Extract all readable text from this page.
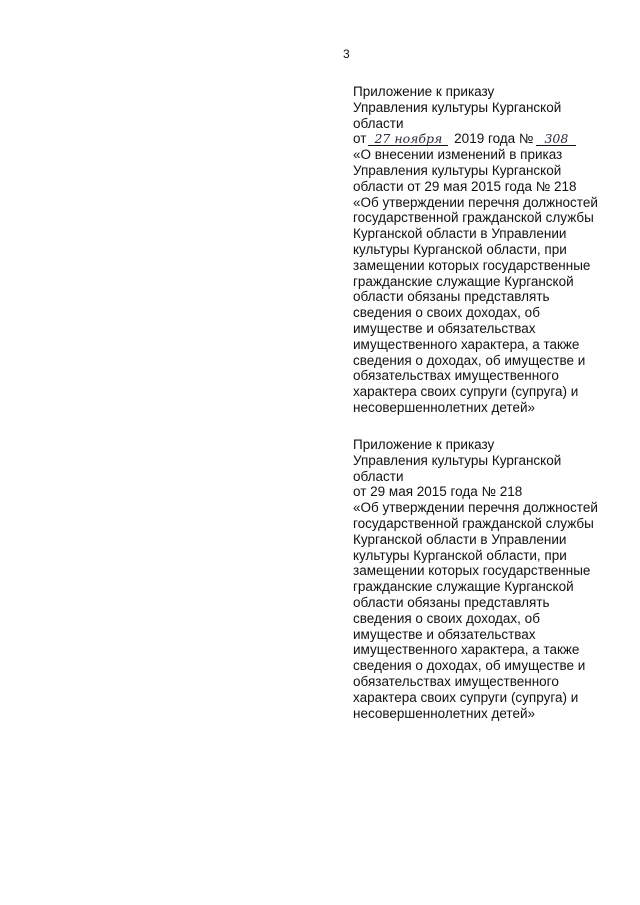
3
Приложение к приказу
Управления культуры Курганской
области
от 27 ноября 2019 года № 308
«О внесении изменений в приказ
Управления культуры Курганской
области от 29 мая 2015 года № 218
«Об утверждении перечня должностей
государственной гражданской службы
Курганской области в Управлении
культуры Курганской области, при
замещении которых государственные
гражданские служащие Курганской
области обязаны представлять
сведения о своих доходах, об
имуществе и обязательствах
имущественного характера, а также
сведения о доходах, об имуществе и
обязательствах имущественного
характера своих супруги (супруга) и
несовершеннолетних детей»
Приложение к приказу
Управления культуры Курганской
области
от 29 мая 2015 года № 218
«Об утверждении перечня должностей
государственной гражданской службы
Курганской области в Управлении
культуры Курганской области, при
замещении которых государственные
гражданские служащие Курганской
области обязаны представлять
сведения о своих доходах, об
имуществе и обязательствах
имущественного характера, а также
сведения о доходах, об имуществе и
обязательствах имущественного
характера своих супруги (супруга) и
несовершеннолетних детей»
